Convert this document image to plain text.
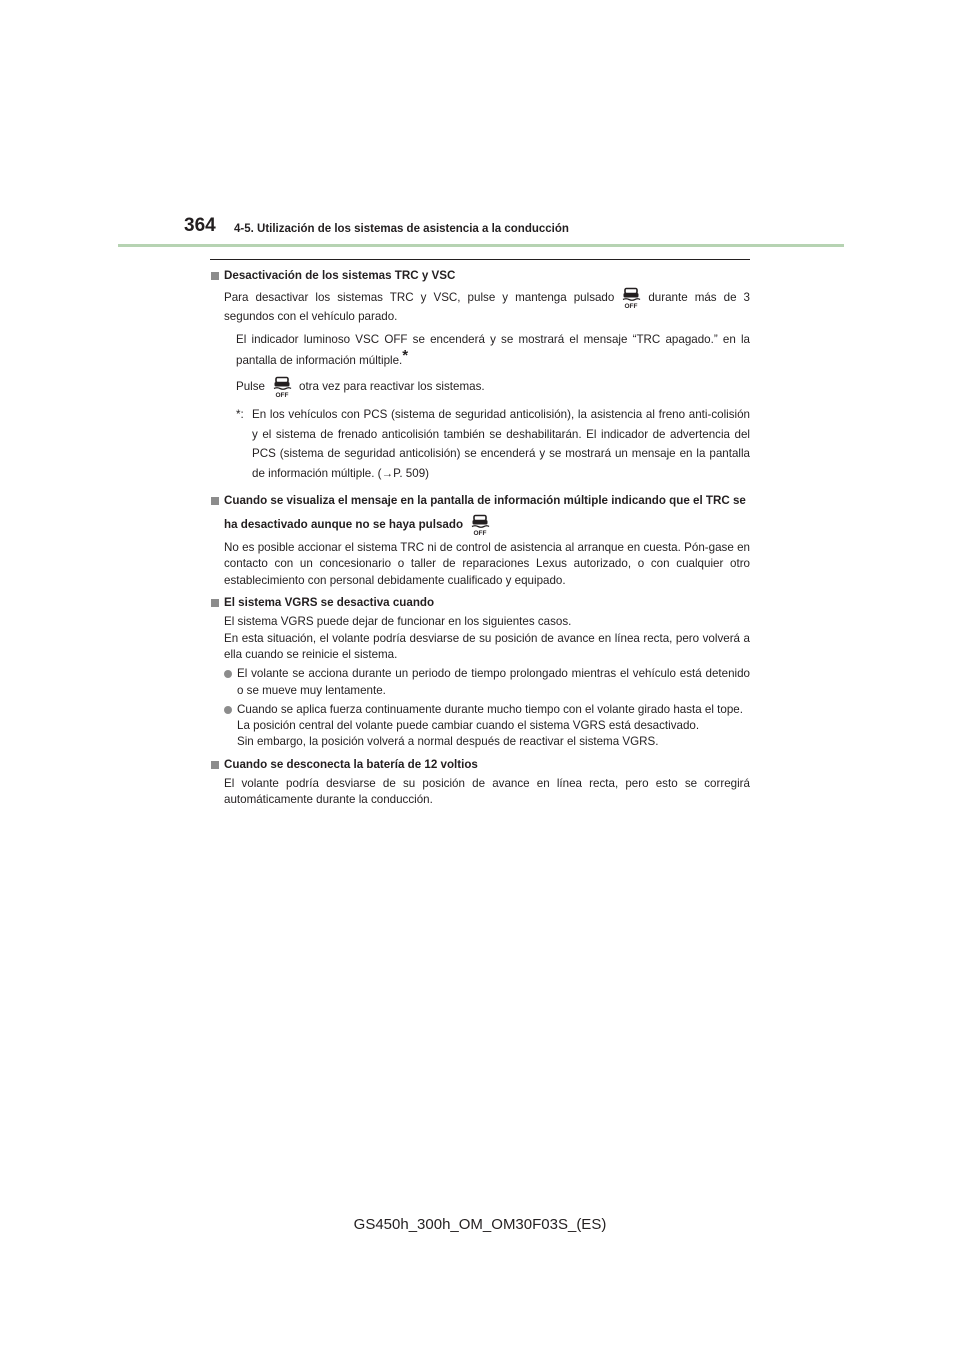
364 4-5. Utilización de los sistemas de asistencia a la conducción
Desactivación de los sistemas TRC y VSC
Para desactivar los sistemas TRC y VSC, pulse y mantenga pulsado	durante más de 3 segundos con el vehículo parado.
El indicador luminoso VSC OFF se encenderá y se mostrará el mensaje “TRC apagado.” en la pantalla de información múltiple.*
Pulse	otra vez para reactivar los sistemas.
*: En los vehículos con PCS (sistema de seguridad anticolisión), la asistencia al freno anti-colisión y el sistema de frenado anticolisión también se deshabilitarán. El indicador de advertencia del PCS (sistema de seguridad anticolisión) se encenderá y se mostrará un mensaje en la pantalla de información múltiple. (→P. 509)
Cuando se visualiza el mensaje en la pantalla de información múltiple indicando que el TRC se ha desactivado aunque no se haya pulsado
No es posible accionar el sistema TRC ni de control de asistencia al arranque en cuesta. Pón-gase en contacto con un concesionario o taller de reparaciones Lexus autorizado, o con cualquier otro establecimiento con personal debidamente cualificado y equipado.
El sistema VGRS se desactiva cuando
El sistema VGRS puede dejar de funcionar en los siguientes casos.
En esta situación, el volante podría desviarse de su posición de avance en línea recta, pero volverá a ella cuando se reinicie el sistema.
El volante se acciona durante un periodo de tiempo prolongado mientras el vehículo está detenido o se mueve muy lentamente.
Cuando se aplica fuerza continuamente durante mucho tiempo con el volante girado hasta el tope.
La posición central del volante puede cambiar cuando el sistema VGRS está desactivado.
Sin embargo, la posición volverá a normal después de reactivar el sistema VGRS.
Cuando se desconecta la batería de 12 voltios
El volante podría desviarse de su posición de avance en línea recta, pero esto se corregirá automáticamente durante la conducción.
GS450h_300h_OM_OM30F03S_(ES)
